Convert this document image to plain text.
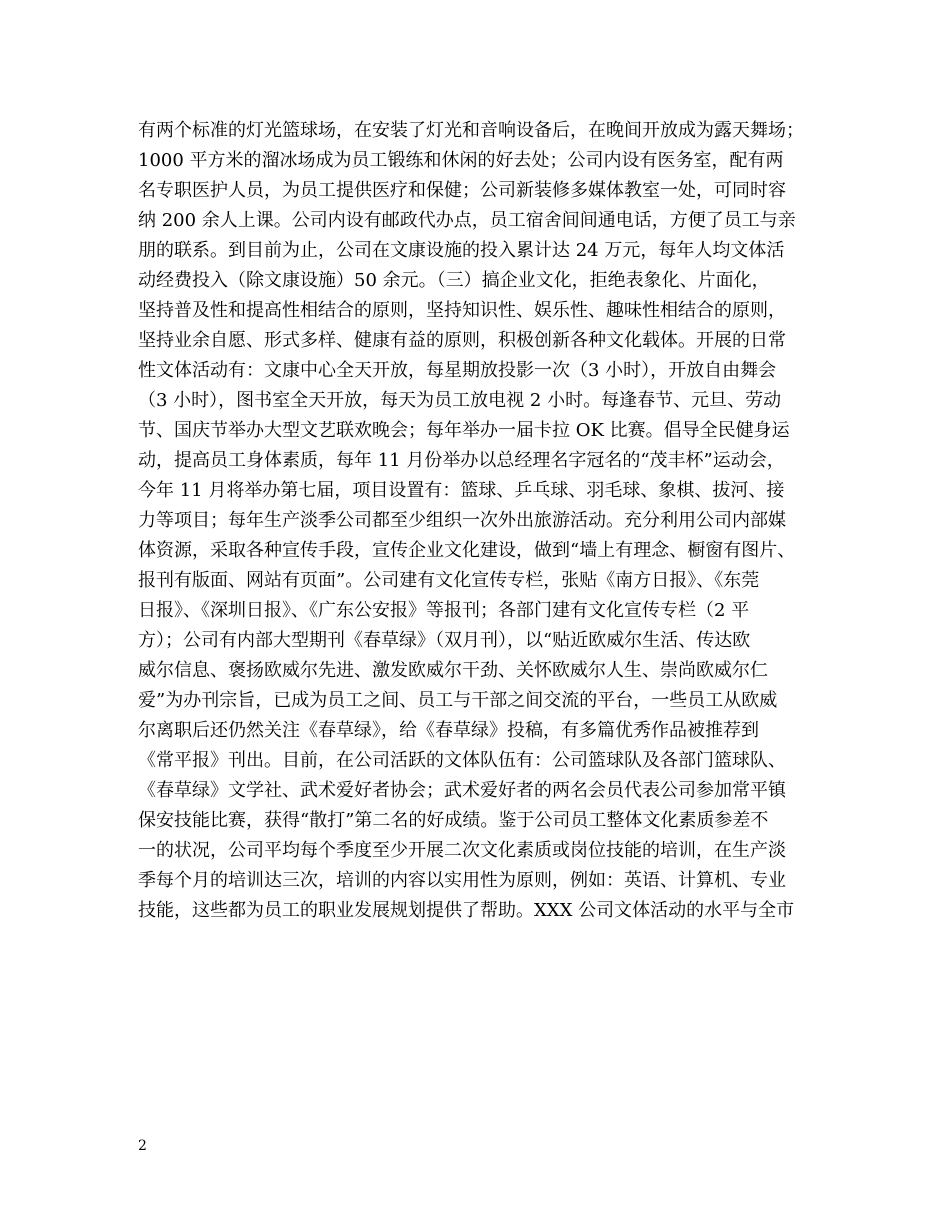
有两个标准的灯光篮球场，在安装了灯光和音响设备后，在晚间开放成为露天舞场；
1000 平方米的溜冰场成为员工锻练和休闲的好去处；公司内设有医务室，配有两
名专职医护人员，为员工提供医疗和保健；公司新装修多媒体教室一处，可同时容
纳 200 余人上课。公司内设有邮政代办点，员工宿舍间间通电话，方便了员工与亲
朋的联系。到目前为止，公司在文康设施的投入累计达 24 万元，每年人均文体活
动经费投入（除文康设施）50 余元。（三）搞企业文化，拒绝表象化、片面化，
坚持普及性和提高性相结合的原则，坚持知识性、娱乐性、趣味性相结合的原则，
坚持业余自愿、形式多样、健康有益的原则，积极创新各种文化载体。开展的日常
性文体活动有：文康中心全天开放，每星期放投影一次（3 小时），开放自由舞会
（3 小时），图书室全天开放，每天为员工放电视 2 小时。每逢春节、元旦、劳动
节、国庆节举办大型文艺联欢晚会；每年举办一届卡拉 OK 比赛。倡导全民健身运
动，提高员工身体素质，每年 11 月份举办以总经理名字冠名的“茂丰杯”运动会，
今年 11 月将举办第七届，项目设置有：篮球、乒乓球、羽毛球、象棋、拔河、接
力等项目；每年生产淡季公司都至少组织一次外出旅游活动。充分利用公司内部媒
体资源，采取各种宣传手段，宣传企业文化建设，做到“墙上有理念、橱窗有图片、
报刊有版面、网站有页面”。公司建有文化宣传专栏，张贴《南方日报》、《东莞
日报》、《深圳日报》、《广东公安报》等报刊；各部门建有文化宣传专栏（2 平
方）；公司有内部大型期刊《春草绿》（双月刊），以“贴近欧威尔生活、传达欧
威尔信息、褒扬欧威尔先进、激发欧威尔干劲、关怀欧威尔人生、崇尚欧威尔仁
爱”为办刊宗旨，已成为员工之间、员工与干部之间交流的平台，一些员工从欧威
尔离职后还仍然关注《春草绿》，给《春草绿》投稿，有多篇优秀作品被推荐到
《常平报》刊出。目前，在公司活跃的文体队伍有：公司篮球队及各部门篮球队、
《春草绿》文学社、武术爱好者协会；武术爱好者的两名会员代表公司参加常平镇
保安技能比赛，获得“散打”第二名的好成绩。鉴于公司员工整体文化素质参差不
一的状况，公司平均每个季度至少开展二次文化素质或岗位技能的培训，在生产淡
季每个月的培训达三次，培训的内容以实用性为原则，例如：英语、计算机、专业
技能，这些都为员工的职业发展规划提供了帮助。XXX 公司文体活动的水平与全市
2
